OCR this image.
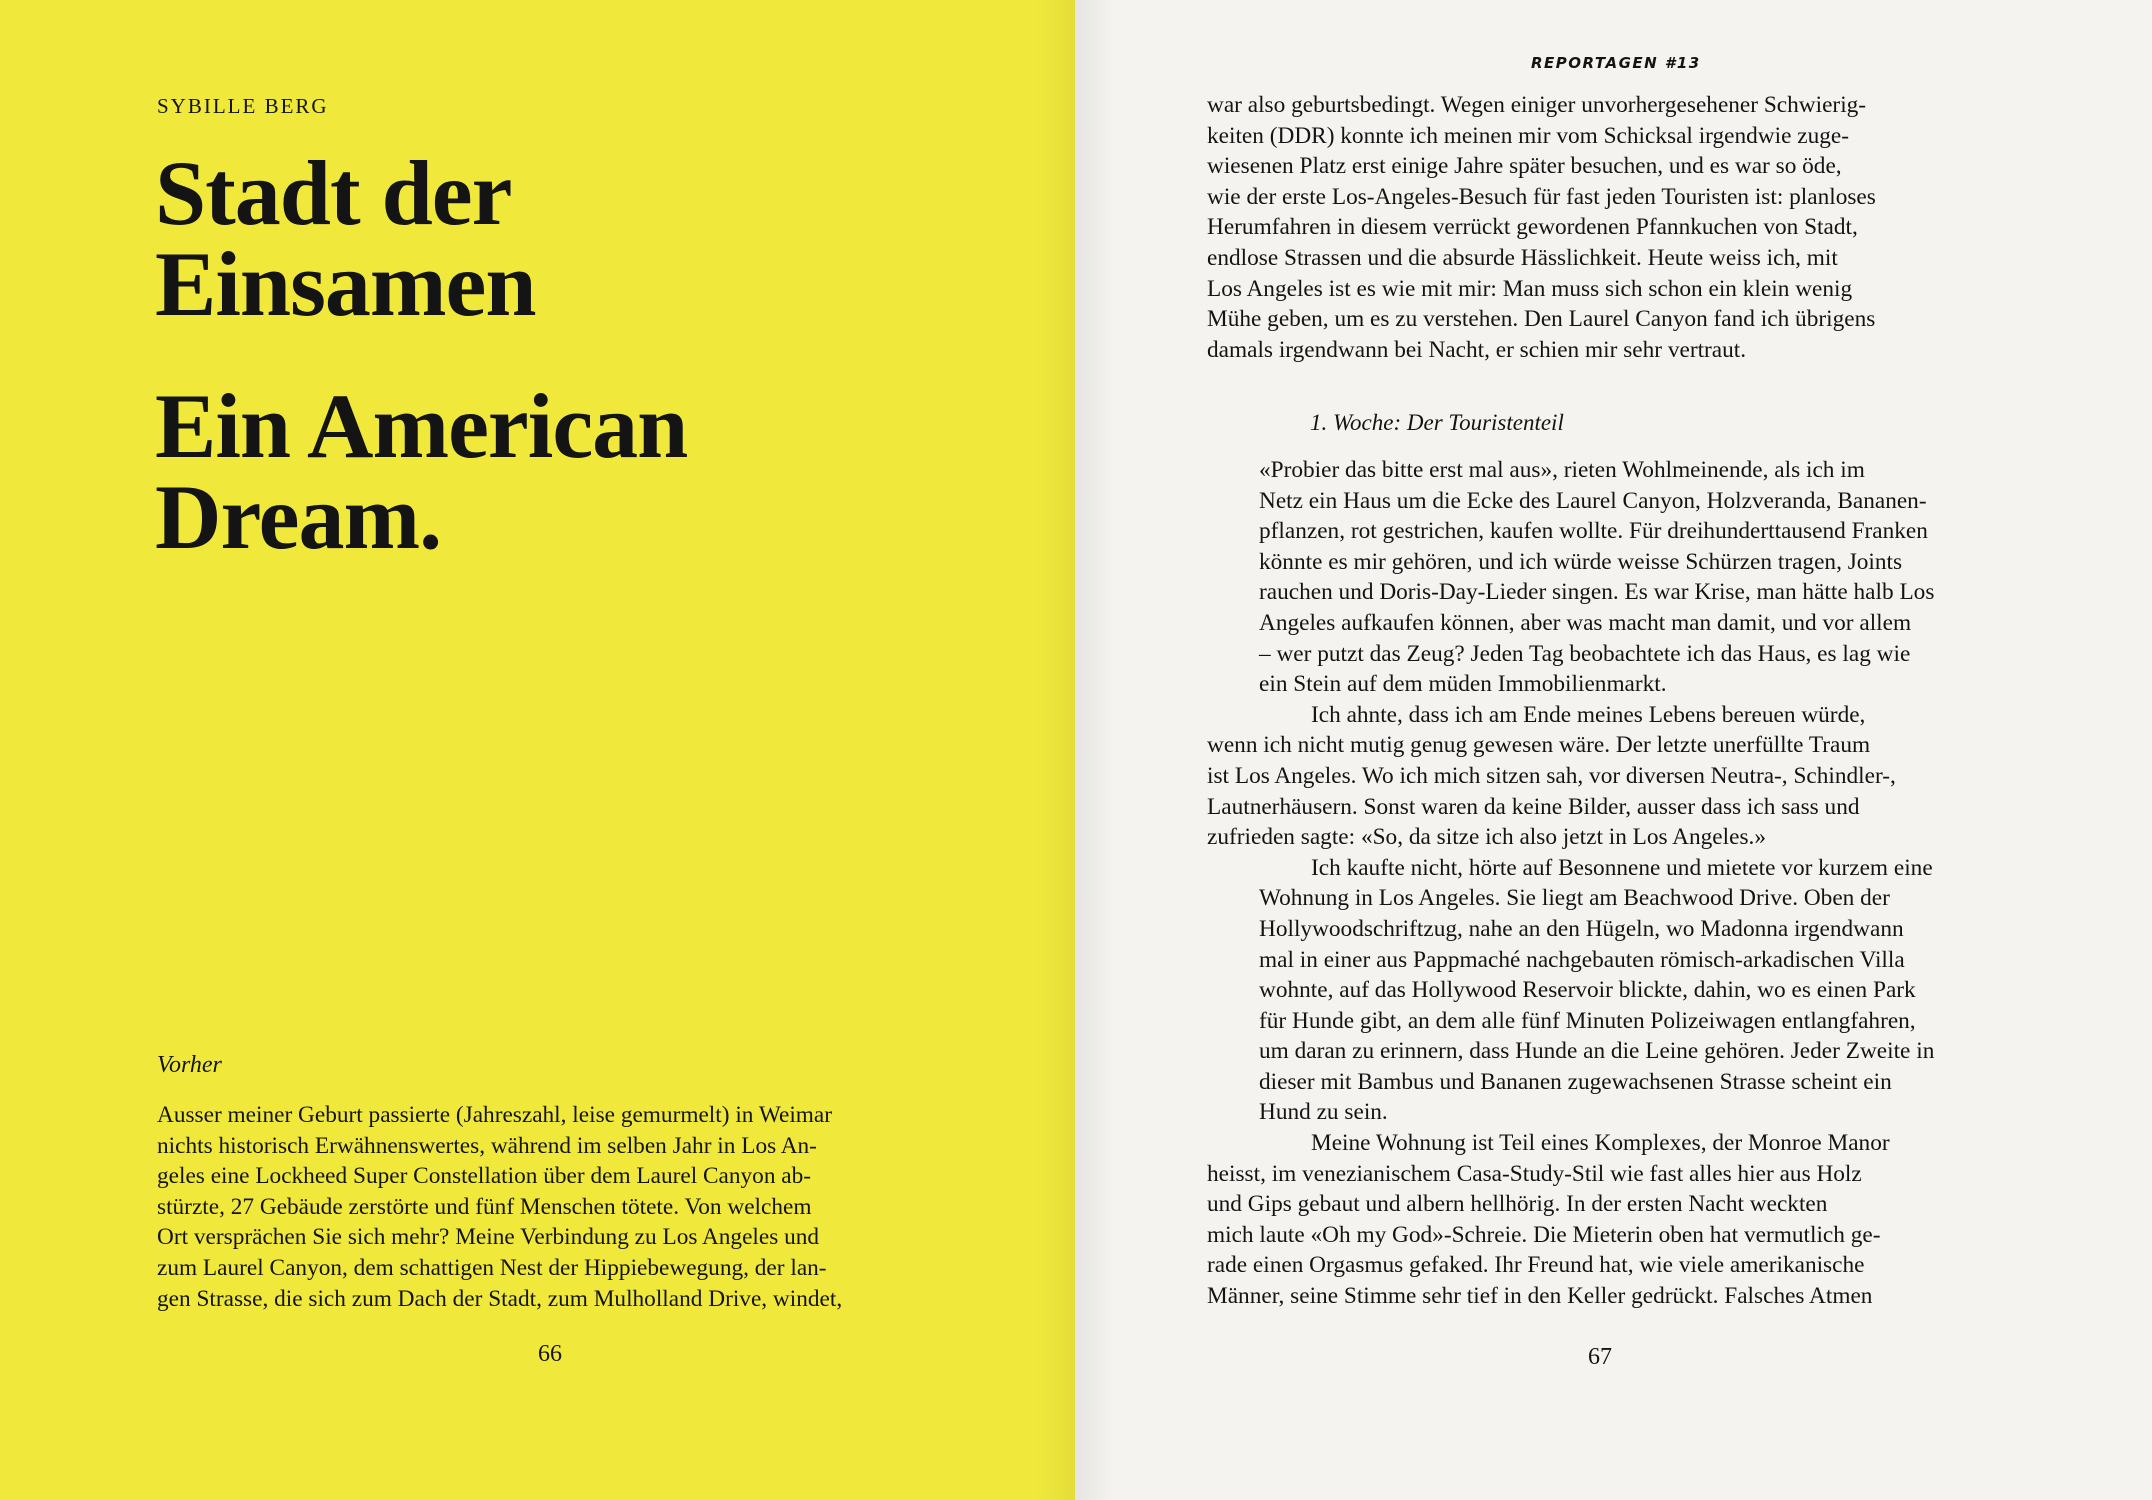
SYBILLE BERG
Stadt der
Einsamen
Ein American
Dream.
Vorher
Ausser meiner Geburt passierte (Jahreszahl, leise gemurmelt) in Weimar
nichts historisch Erwähnenswertes, während im selben Jahr in Los An-
geles eine Lockheed Super Constellation über dem Laurel Canyon ab-
stürzte, 27 Gebäude zerstörte und fünf Menschen tötete. Von welchem
Ort versprächen Sie sich mehr? Meine Verbindung zu Los Angeles und
zum Laurel Canyon, dem schattigen Nest der Hippiebewegung, der lan-
gen Strasse, die sich zum Dach der Stadt, zum Mulholland Drive, windet,
66
REPORTAGEN #13
war also geburtsbedingt. Wegen einiger unvorhergesehener Schwierig-
keiten (DDR) konnte ich meinen mir vom Schicksal irgendwie zuge-
wiesenen Platz erst einige Jahre später besuchen, und es war so öde,
wie der erste Los-Angeles-Besuch für fast jeden Touristen ist: planloses
Herumfahren in diesem verrückt gewordenen Pfannkuchen von Stadt,
endlose Strassen und die absurde Hässlichkeit. Heute weiss ich, mit
Los Angeles ist es wie mit mir: Man muss sich schon ein klein wenig
Mühe geben, um es zu verstehen. Den Laurel Canyon fand ich übrigens
damals irgendwann bei Nacht, er schien mir sehr vertraut.
1. Woche: Der Touristenteil
«Probier das bitte erst mal aus», rieten Wohlmeinende, als ich im
Netz ein Haus um die Ecke des Laurel Canyon, Holzveranda, Bananen-
pflanzen, rot gestrichen, kaufen wollte. Für dreihunderttausend Franken
könnte es mir gehören, und ich würde weisse Schürzen tragen, Joints
rauchen und Doris-Day-Lieder singen. Es war Krise, man hätte halb Los
Angeles aufkaufen können, aber was macht man damit, und vor allem
– wer putzt das Zeug? Jeden Tag beobachtete ich das Haus, es lag wie
ein Stein auf dem müden Immobilienmarkt.
Ich ahnte, dass ich am Ende meines Lebens bereuen würde,
wenn ich nicht mutig genug gewesen wäre. Der letzte unerfüllte Traum
ist Los Angeles. Wo ich mich sitzen sah, vor diversen Neutra-, Schindler-,
Lautnerhäusern. Sonst waren da keine Bilder, ausser dass ich sass und
zufrieden sagte: «So, da sitze ich also jetzt in Los Angeles.»
Ich kaufte nicht, hörte auf Besonnene und mietete vor kurzem eine
Wohnung in Los Angeles. Sie liegt am Beachwood Drive. Oben der
Hollywoodschriftzug, nahe an den Hügeln, wo Madonna irgendwann
mal in einer aus Pappmaché nachgebauten römisch-arkadischen Villa
wohnte, auf das Hollywood Reservoir blickte, dahin, wo es einen Park
für Hunde gibt, an dem alle fünf Minuten Polizeiwagen entlangfahren,
um daran zu erinnern, dass Hunde an die Leine gehören. Jeder Zweite in
dieser mit Bambus und Bananen zugewachsenen Strasse scheint ein
Hund zu sein.
Meine Wohnung ist Teil eines Komplexes, der Monroe Manor
heisst, im venezianischem Casa-Study-Stil wie fast alles hier aus Holz
und Gips gebaut und albern hellhörig. In der ersten Nacht weckten
mich laute «Oh my God»-Schreie. Die Mieterin oben hat vermutlich ge-
rade einen Orgasmus gefaked. Ihr Freund hat, wie viele amerikanische
Männer, seine Stimme sehr tief in den Keller gedrückt. Falsches Atmen
67
